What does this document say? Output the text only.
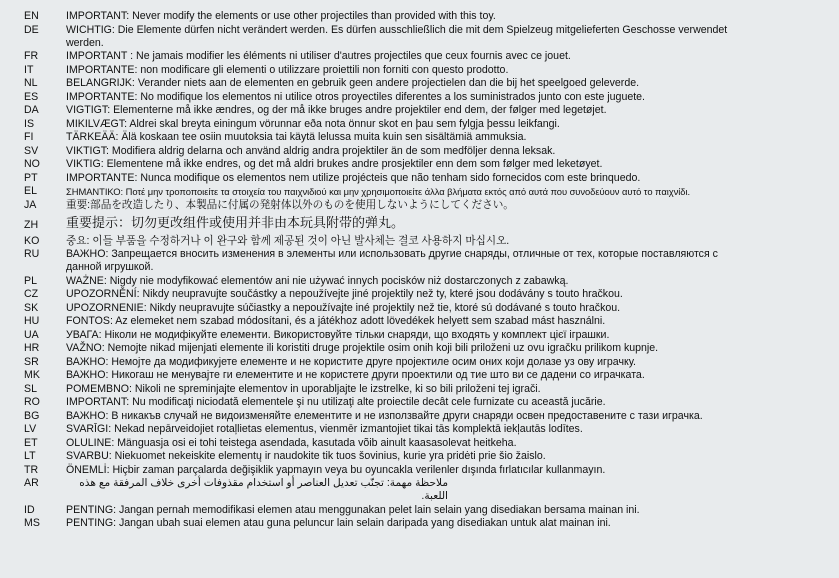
EN	IMPORTANT: Never modify the elements or use other projectiles than provided with this toy.
DE	WICHTIG: Die Elemente dürfen nicht verändert werden. Es dürfen ausschließlich die mit dem Spielzeug mitgelieferten Geschosse verwendet werden.
FR	IMPORTANT : Ne jamais modifier les éléments ni utiliser d'autres projectiles que ceux fournis avec ce jouet.
IT	IMPORTANTE: non modificare gli elementi o utilizzare proiettili non forniti con questo prodotto.
NL	BELANGRIJK: Verander niets aan de elementen en gebruik geen andere projectielen dan die bij het speelgoed geleverde.
ES	IMPORTANTE: No modifique los elementos ni utilice otros proyectiles diferentes a los suministrados junto con este juguete.
DA	VIGTIGT: Elementerne må ikke ændres, og der må ikke bruges andre projektiler end dem, der følger med legetøjet.
IS	MIKILVÆGT: Aldrei skal breyta einingum vörunnar eða nota önnur skot en þau sem fylgja þessu leikfangi.
FI	TÄRKEÄÄ: Älä koskaan tee osiin muutoksia tai käytä lelussa muita kuin sen sisältämiä ammuksia.
SV	VIKTIGT: Modifiera aldrig delarna och använd aldrig andra projektiler än de som medföljer denna leksak.
NO	VIKTIG: Elementene må ikke endres, og det må aldri brukes andre prosjektiler enn dem som følger med leketøyet.
PT	IMPORTANTE: Nunca modifique os elementos nem utilize projécteis que não tenham sido fornecidos com este brinquedo.
EL	ΣΗΜΑΝΤΙΚΟ: Ποτέ μην τροποποιείτε τα στοιχεία του παιχνιδιού και μην χρησιμοποιείτε άλλα βλήματα εκτός από αυτά που συνοδεύουν αυτό το παιχνίδι.
JA	重要:部品を改造したり、本製品に付属の発射体以外のものを使用しないようにしてください。
ZH	重要提示：切勿更改组件或使用并非由本玩具附带的弹丸。
KO	중요: 이들 부품을 수정하거나 이 완구와 함께 제공된 것이 아닌 발사체는 결코 사용하지 마십시오.
RU	ВАЖНО: Запрещается вносить изменения в элементы или использовать другие снаряды, отличные от тех, которые поставляются с данной игрушкой.
PL	WAŻNE: Nigdy nie modyfikować elementów ani nie używać innych pocisków niż dostarczonych z zabawką.
CZ	UPOZORNĚNÍ: Nikdy neupravujte součástky a nepoužívejte jiné projektily než ty, které jsou dodávány s touto hračkou.
SK	UPOZORNENIE: Nikdy neupravujte súčiastky a nepoužívajte iné projektily než tie, ktoré sú dodávané s touto hračkou.
HU	FONTOS: Az elemeket nem szabad módosítani, és a játékhoz adott lövedékek helyett sem szabad mást használni.
UA	УВАГА: Ніколи не модифікуйте елементи. Використовуйте тільки снаряди, що входять у комплект цієї іграшки.
HR	VAŽNO: Nemojte nikad mijenjati elemente ili koristiti druge projektile osim onih koji bili priloženi uz ovu igračku prilikom kupnje.
SR	ВАЖНО: Немојте да модификујете елементе и не користите друге пројектиле осим оних који долазе уз ову играчку.
MK	ВАЖНО: Никогаш не менувајте ги елементите и не користете други проектили од тие што ви се дадени со играчката.
SL	POMEMBNO: Nikoli ne spreminjajte elementov in uporabljajte le izstrelke, ki so bili priloženi tej igrači.
RO	IMPORTANT: Nu modificaţi niciodată elementele şi nu utilizaţi alte proiectile decât cele furnizate cu această jucărie.
BG	ВАЖНО: В никакъв случай не видоизменяйте елементите и не използвайте други снаряди освен предоставените с тази играчка.
LV	SVARĪGI: Nekad nepārveidojiet rotaļlietas elementus, vienmēr izmantojiet tikai tās komplektā iekļautās lodītes.
ET	OLULINE: Mänguasja osi ei tohi teistega asendada, kasutada võib ainult kaasasolevat heitkeha.
LT	SVARBU: Niekuomet nekeiskite elementų ir naudokite tik tuos šovinius, kurie yra pridėti prie šio žaislo.
TR	ÖNEMLİ: Hiçbir zaman parçalarda değişiklik yapmayın veya bu oyuncakla verilenler dışında fırlatıcılar kullanmayın.
AR	ملاحظة مهمة: تجنّب تعديل العناصر أو استخدام مقذوفات أخرى خلاف المرفقة مع هذه اللعبة.
ID	PENTING: Jangan pernah memodifikasi elemen atau menggunakan pelet lain selain yang disediakan bersama mainan ini.
MS	PENTING: Jangan ubah suai elemen atau guna peluncur lain selain daripada yang disediakan untuk alat mainan ini.
